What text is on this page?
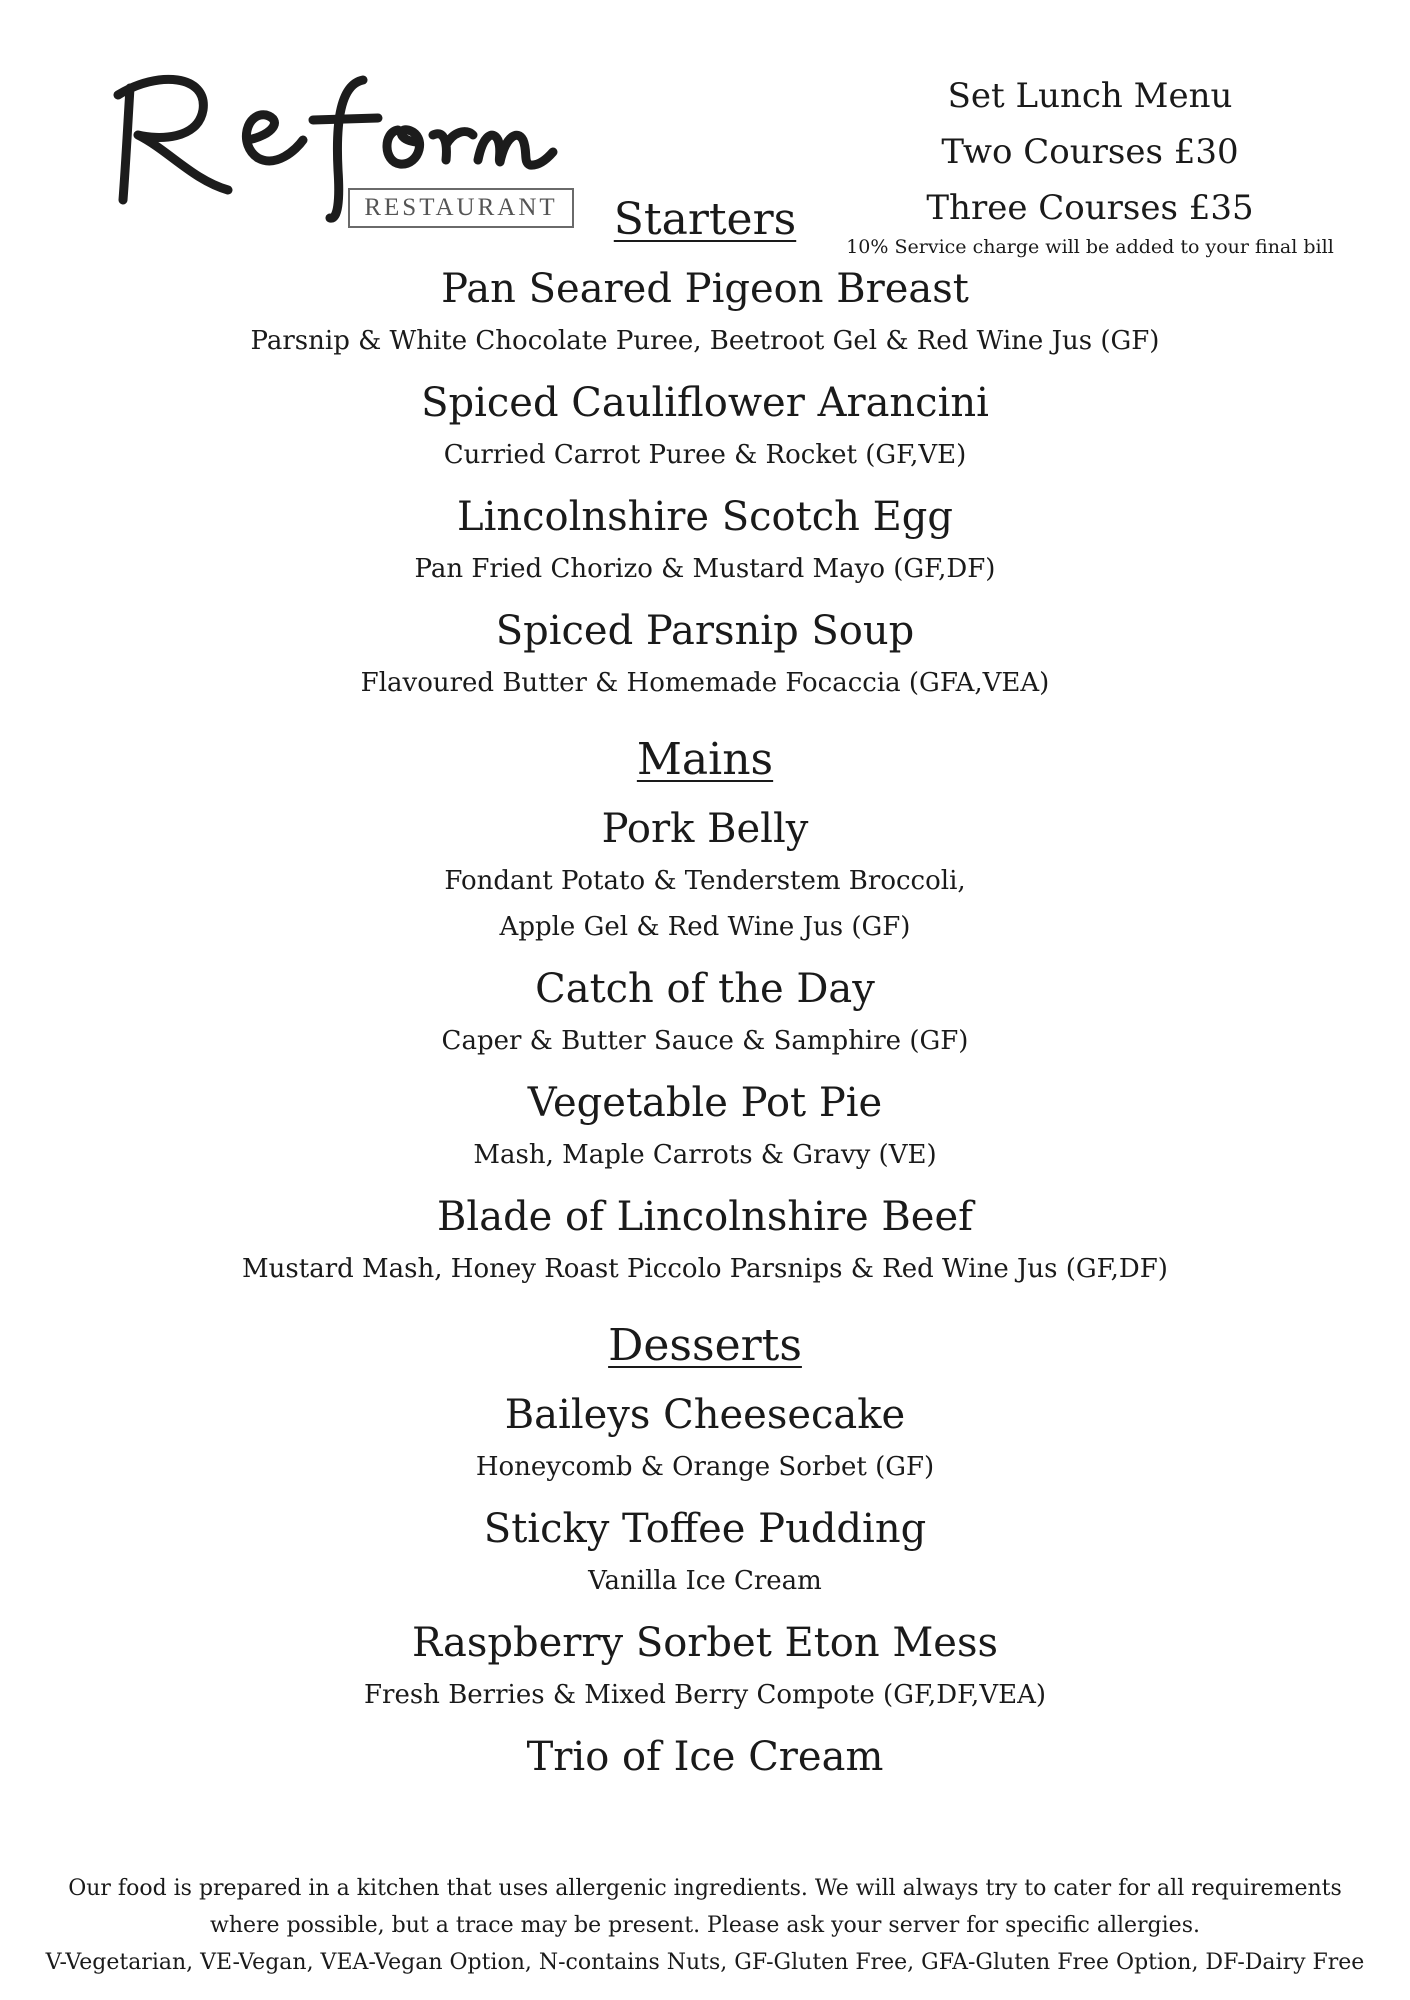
RESTAURANT
Set Lunch Menu
Two Courses £30
Three Courses £35
10% Service charge will be added to your final bill
Starters
Pan Seared Pigeon Breast
Parsnip & White Chocolate Puree, Beetroot Gel & Red Wine Jus (GF)
Spiced Cauliflower Arancini
Curried Carrot Puree & Rocket (GF,VE)
Lincolnshire Scotch Egg
Pan Fried Chorizo & Mustard Mayo (GF,DF)
Spiced Parsnip Soup
Flavoured Butter & Homemade Focaccia (GFA,VEA)
Mains
Pork Belly
Fondant Potato & Tenderstem Broccoli,
Apple Gel & Red Wine Jus (GF)
Catch of the Day
Caper & Butter Sauce & Samphire (GF)
Vegetable Pot Pie
Mash, Maple Carrots & Gravy (VE)
Blade of Lincolnshire Beef
Mustard Mash, Honey Roast Piccolo Parsnips & Red Wine Jus (GF,DF)
Desserts
Baileys Cheesecake
Honeycomb & Orange Sorbet (GF)
Sticky Toffee Pudding
Vanilla Ice Cream
Raspberry Sorbet Eton Mess
Fresh Berries & Mixed Berry Compote (GF,DF,VEA)
Trio of Ice Cream
Our food is prepared in a kitchen that uses allergenic ingredients. We will always try to cater for all requirements
where possible, but a trace may be present. Please ask your server for specific allergies.
V-Vegetarian, VE-Vegan, VEA-Vegan Option, N-contains Nuts, GF-Gluten Free, GFA-Gluten Free Option, DF-Dairy Free
